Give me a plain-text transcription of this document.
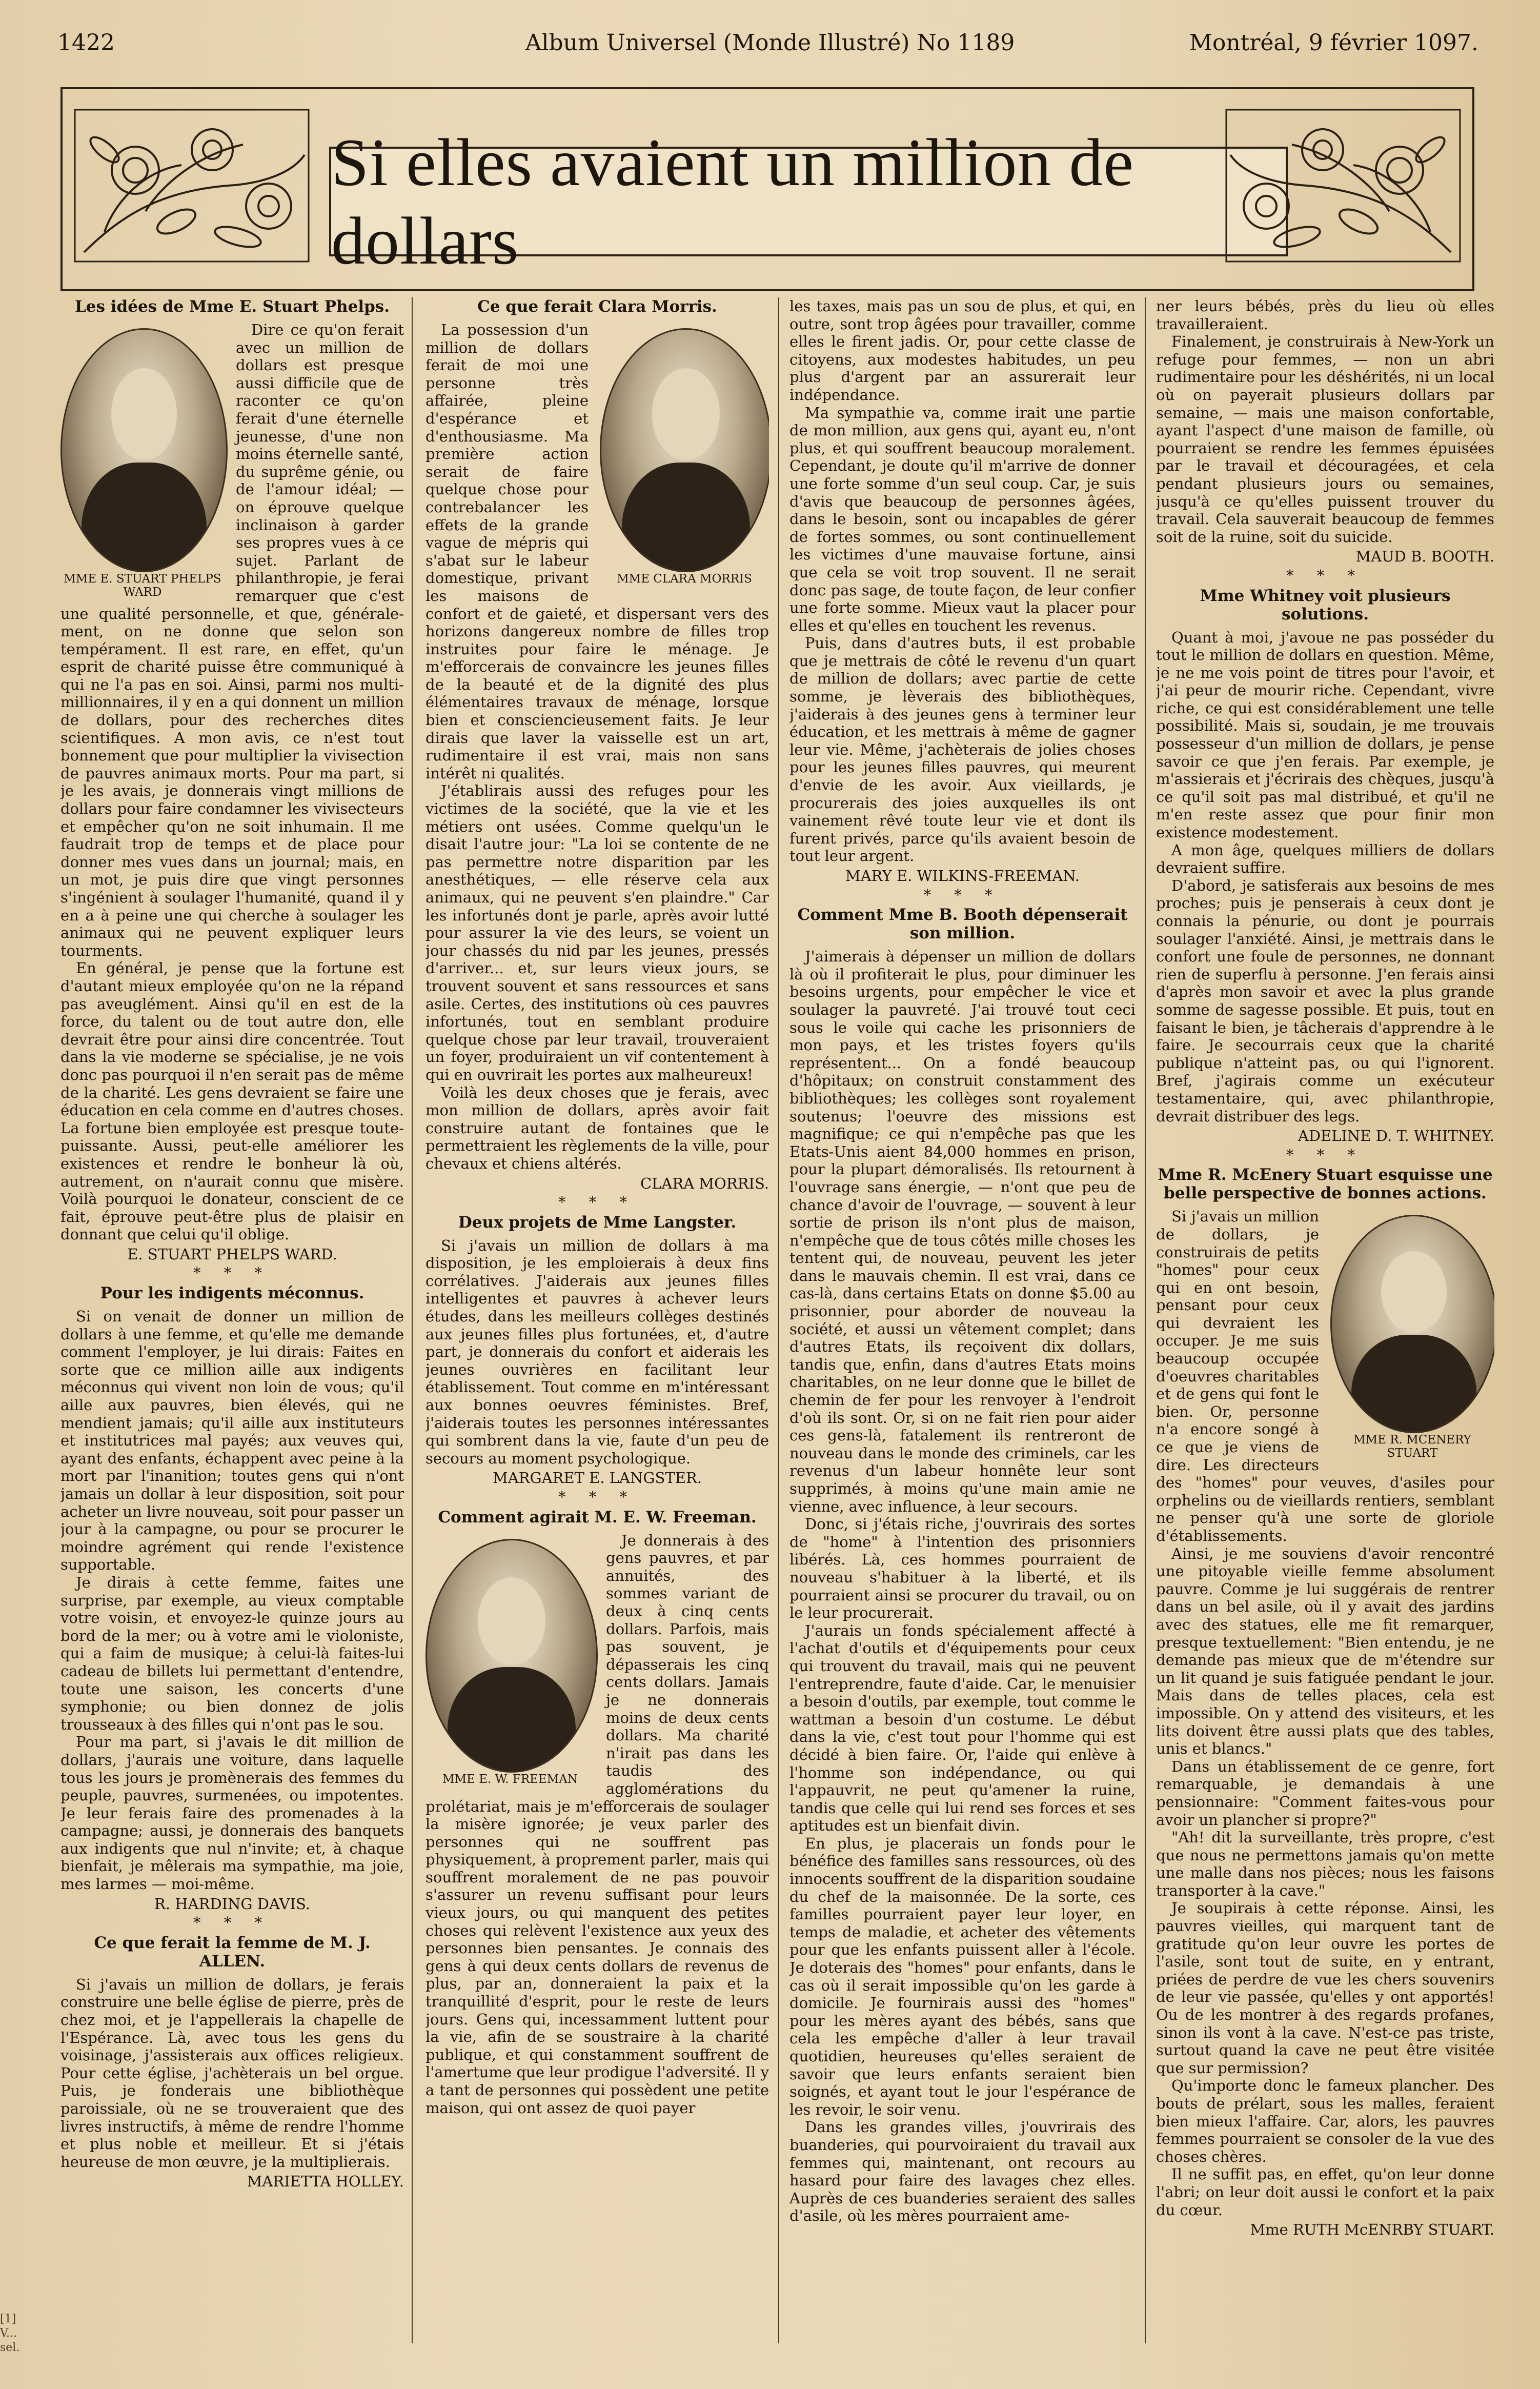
1422	Album Universel (Monde Illustré) No 1189	Montréal, 9 février 1097.
Si elles avaient un million de dollars
Les idées de Mme E. Stuart Phelps.
MME E. STUART PHELPS WARD

Dire ce qu'on ferait avec un million de dollars est presque aussi difficile que de raconter ce qu'on ferait d'une éternelle jeunesse, d'une non moins éternelle santé, du suprême génie, ou de l'amour idéal; — on éprouve quelque inclinaison à garder ses propres vues à ce sujet. Parlant de philanthropie, je ferai remarquer que c'est une qualité personnelle, et que, générale-ment, on ne donne que selon son tempérament. Il est rare, en effet, qu'un esprit de charité puisse être communiqué à qui ne l'a pas en soi. Ainsi, parmi nos multi-millionnaires, il y en a qui donnent un million de dollars, pour des recherches dites scientifiques. A mon avis, ce n'est tout bonnement que pour multiplier la vivisection de pauvres animaux morts. Pour ma part, si je les avais, je donnerais vingt millions de dollars pour faire condamner les vivisecteurs et empêcher qu'on ne soit inhumain. Il me faudrait trop de temps et de place pour donner mes vues dans un journal; mais, en un mot, je puis dire que vingt personnes s'ingénient à soulager l'humanité, quand il y en a à peine une qui cherche à soulager les animaux qui ne peuvent expliquer leurs tourments.

En général, je pense que la fortune est d'autant mieux employée qu'on ne la répand pas aveuglément. Ainsi qu'il en est de la force, du talent ou de tout autre don, elle devrait être pour ainsi dire concentrée. Tout dans la vie moderne se spécialise, je ne vois donc pas pourquoi il n'en serait pas de même de la charité. Les gens devraient se faire une éducation en cela comme en d'autres choses. La fortune bien employée est presque toute-puissante. Aussi, peut-elle améliorer les existences et rendre le bonheur là où, autrement, on n'aurait connu que misère. Voilà pourquoi le donateur, conscient de ce fait, éprouve peut-être plus de plaisir en donnant que celui qu'il oblige.

E. STUART PHELPS WARD.

* * *
Pour les indigents méconnus.

Si on venait de donner un million de dollars à une femme, et qu'elle me demande comment l'employer, je lui dirais: Faites en sorte que ce million aille aux indigents méconnus qui vivent non loin de vous; qu'il aille aux pauvres, bien élevés, qui ne mendient jamais; qu'il aille aux instituteurs et institutrices mal payés; aux veuves qui, ayant des enfants, échappent avec peine à la mort par l'inanition; toutes gens qui n'ont jamais un dollar à leur disposition, soit pour acheter un livre nouveau, soit pour passer un jour à la campagne, ou pour se procurer le moindre agrément qui rende l'existence supportable.

Je dirais à cette femme, faites une surprise, par exemple, au vieux comptable votre voisin, et envoyez-le quinze jours au bord de la mer; ou à votre ami le violoniste, qui a faim de musique; à celui-là faites-lui cadeau de billets lui permettant d'entendre, toute une saison, les concerts d'une symphonie; ou bien donnez de jolis trousseaux à des filles qui n'ont pas le sou.

Pour ma part, si j'avais le dit million de dollars, j'aurais une voiture, dans laquelle tous les jours je promènerais des femmes du peuple, pauvres, surmenées, ou impotentes. Je leur ferais faire des promenades à la campagne; aussi, je donnerais des banquets aux indigents que nul n'invite; et, à chaque bienfait, je mêlerais ma sympathie, ma joie, mes larmes — moi-même.

R. HARDING DAVIS.

* * *
Ce que ferait la femme de M. J. ALLEN.

Si j'avais un million de dollars, je ferais construire une belle église de pierre, près de chez moi, et je l'appellerais la chapelle de l'Espérance. Là, avec tous les gens du voisinage, j'assisterais aux offices religieux. Pour cette église, j'achèterais un bel orgue. Puis, je fonderais une bibliothèque paroissiale, où ne se trouveraient que des livres instructifs, à même de rendre l'homme et plus noble et meilleur. Et si j'étais heureuse de mon œuvre, je la multiplierais.

MARIETTA HOLLEY.

Ce que ferait Clara Morris.
MME CLARA MORRIS

La possession d'un million de dollars ferait de moi une personne très affairée, pleine d'espérance et d'enthousiasme. Ma première action serait de faire quelque chose pour contrebalancer les effets de la grande vague de mépris qui s'abat sur le labeur domestique, privant les maisons de confort et de gaieté, et dispersant vers des horizons dangereux nombre de filles trop instruites pour faire le ménage. Je m'efforcerais de convaincre les jeunes filles de la beauté et de la dignité des plus élémentaires travaux de ménage, lorsque bien et consciencieusement faits. Je leur dirais que laver la vaisselle est un art, rudimentaire il est vrai, mais non sans intérêt ni qualités.

J'établirais aussi des refuges pour les victimes de la société, que la vie et les métiers ont usées. Comme quelqu'un le disait l'autre jour: "La loi se contente de ne pas permettre notre disparition par les anesthétiques, — elle réserve cela aux animaux, qui ne peuvent s'en plaindre." Car les infortunés dont je parle, après avoir lutté pour assurer la vie des leurs, se voient un jour chassés du nid par les jeunes, pressés d'arriver... et, sur leurs vieux jours, se trouvent souvent et sans ressources et sans asile. Certes, des institutions où ces pauvres infortunés, tout en semblant produire quelque chose par leur travail, trouveraient un foyer, produiraient un vif contentement à qui en ouvrirait les portes aux malheureux!

Voilà les deux choses que je ferais, avec mon million de dollars, après avoir fait construire autant de fontaines que le permettraient les règlements de la ville, pour chevaux et chiens altérés.

CLARA MORRIS.

* * *
Deux projets de Mme Langster.

Si j'avais un million de dollars à ma disposition, je les emploierais à deux fins corrélatives. J'aiderais aux jeunes filles intelligentes et pauvres à achever leurs études, dans les meilleurs collèges destinés aux jeunes filles plus fortunées, et, d'autre part, je donnerais du confort et aiderais les jeunes ouvrières en facilitant leur établissement. Tout comme en m'intéressant aux bonnes oeuvres féministes. Bref, j'aiderais toutes les personnes intéressantes qui sombrent dans la vie, faute d'un peu de secours au moment psychologique.

MARGARET E. LANGSTER.

* * *
Comment agirait M. E. W. Freeman.
MME E. W. FREEMAN

Je donnerais à des gens pauvres, et par annuités, des sommes variant de deux à cinq cents dollars. Parfois, mais pas souvent, je dépasserais les cinq cents dollars. Jamais je ne donnerais moins de deux cents dollars. Ma charité n'irait pas dans les taudis des agglomérations du prolétariat, mais je m'efforcerais de soulager la misère ignorée; je veux parler des personnes qui ne souffrent pas physiquement, à proprement parler, mais qui souffrent moralement de ne pas pouvoir s'assurer un revenu suffisant pour leurs vieux jours, ou qui manquent des petites choses qui relèvent l'existence aux yeux des personnes bien pensantes. Je connais des gens à qui deux cents dollars de revenus de plus, par an, donneraient la paix et la tranquillité d'esprit, pour le reste de leurs jours. Gens qui, incessamment luttent pour la vie, afin de se soustraire à la charité publique, et qui constamment souffrent de l'amertume que leur prodigue l'adversité. Il y a tant de personnes qui possèdent une petite maison, qui ont assez de quoi payer

les taxes, mais pas un sou de plus, et qui, en outre, sont trop âgées pour travailler, comme elles le firent jadis. Or, pour cette classe de citoyens, aux modestes habitudes, un peu plus d'argent par an assurerait leur indépendance.

Ma sympathie va, comme irait une partie de mon million, aux gens qui, ayant eu, n'ont plus, et qui souffrent beaucoup moralement. Cependant, je doute qu'il m'arrive de donner une forte somme d'un seul coup. Car, je suis d'avis que beaucoup de personnes âgées, dans le besoin, sont ou incapables de gérer de fortes sommes, ou sont continuellement les victimes d'une mauvaise fortune, ainsi que cela se voit trop souvent. Il ne serait donc pas sage, de toute façon, de leur confier une forte somme. Mieux vaut la placer pour elles et qu'elles en touchent les revenus.

Puis, dans d'autres buts, il est probable que je mettrais de côté le revenu d'un quart de million de dollars; avec partie de cette somme, je lèverais des bibliothèques, j'aiderais à des jeunes gens à terminer leur éducation, et les mettrais à même de gagner leur vie. Même, j'achèterais de jolies choses pour les jeunes filles pauvres, qui meurent d'envie de les avoir. Aux vieillards, je procurerais des joies auxquelles ils ont vainement rêvé toute leur vie et dont ils furent privés, parce qu'ils avaient besoin de tout leur argent.

MARY E. WILKINS-FREEMAN.

* * *
Comment Mme B. Booth dépenserait son million.

J'aimerais à dépenser un million de dollars là où il profiterait le plus, pour diminuer les besoins urgents, pour empêcher le vice et soulager la pauvreté. J'ai trouvé tout ceci sous le voile qui cache les prisonniers de mon pays, et les tristes foyers qu'ils représentent... On a fondé beaucoup d'hôpitaux; on construit constamment des bibliothèques; les collèges sont royalement soutenus; l'oeuvre des missions est magnifique; ce qui n'empêche pas que les Etats-Unis aient 84,000 hommes en prison, pour la plupart démoralisés. Ils retournent à l'ouvrage sans énergie, — n'ont que peu de chance d'avoir de l'ouvrage, — souvent à leur sortie de prison ils n'ont plus de maison, n'empêche que de tous côtés mille choses les tentent qui, de nouveau, peuvent les jeter dans le mauvais chemin. Il est vrai, dans ce cas-là, dans certains Etats on donne $5.00 au prisonnier, pour aborder de nouveau la société, et aussi un vêtement complet; dans d'autres Etats, ils reçoivent dix dollars, tandis que, enfin, dans d'autres Etats moins charitables, on ne leur donne que le billet de chemin de fer pour les renvoyer à l'endroit d'où ils sont. Or, si on ne fait rien pour aider ces gens-là, fatalement ils rentreront de nouveau dans le monde des criminels, car les revenus d'un labeur honnête leur sont supprimés, à moins qu'une main amie ne vienne, avec influence, à leur secours.

Donc, si j'étais riche, j'ouvrirais des sortes de "home" à l'intention des prisonniers libérés. Là, ces hommes pourraient de nouveau s'habituer à la liberté, et ils pourraient ainsi se procurer du travail, ou on le leur procurerait.

J'aurais un fonds spécialement affecté à l'achat d'outils et d'équipements pour ceux qui trouvent du travail, mais qui ne peuvent l'entreprendre, faute d'aide. Car, le menuisier a besoin d'outils, par exemple, tout comme le wattman a besoin d'un costume. Le début dans la vie, c'est tout pour l'homme qui est décidé à bien faire. Or, l'aide qui enlève à l'homme son indépendance, ou qui l'appauvrit, ne peut qu'amener la ruine, tandis que celle qui lui rend ses forces et ses aptitudes est un bienfait divin.

En plus, je placerais un fonds pour le bénéfice des familles sans ressources, où des innocents souffrent de la disparition soudaine du chef de la maisonnée. De la sorte, ces familles pourraient payer leur loyer, en temps de maladie, et acheter des vêtements pour que les enfants puissent aller à l'école. Je doterais des "homes" pour enfants, dans le cas où il serait impossible qu'on les garde à domicile. Je fournirais aussi des "homes" pour les mères ayant des bébés, sans que cela les empêche d'aller à leur travail quotidien, heureuses qu'elles seraient de savoir que leurs enfants seraient bien soignés, et ayant tout le jour l'espérance de les revoir, le soir venu.

Dans les grandes villes, j'ouvrirais des buanderies, qui pourvoiraient du travail aux femmes qui, maintenant, ont recours au hasard pour faire des lavages chez elles. Auprès de ces buanderies seraient des salles d'asile, où les mères pourraient ame-

ner leurs bébés, près du lieu où elles travailleraient.

Finalement, je construirais à New-York un refuge pour femmes, — non un abri rudimentaire pour les déshérités, ni un local où on payerait plusieurs dollars par semaine, — mais une maison confortable, ayant l'aspect d'une maison de famille, où pourraient se rendre les femmes épuisées par le travail et découragées, et cela pendant plusieurs jours ou semaines, jusqu'à ce qu'elles puissent trouver du travail. Cela sauverait beaucoup de femmes soit de la ruine, soit du suicide.

MAUD B. BOOTH.

* * *
Mme Whitney voit plusieurs solutions.

Quant à moi, j'avoue ne pas posséder du tout le million de dollars en question. Même, je ne me vois point de titres pour l'avoir, et j'ai peur de mourir riche. Cependant, vivre riche, ce qui est considérablement une telle possibilité. Mais si, soudain, je me trouvais possesseur d'un million de dollars, je pense savoir ce que j'en ferais. Par exemple, je m'assierais et j'écrirais des chèques, jusqu'à ce qu'il soit pas mal distribué, et qu'il ne m'en reste assez que pour finir mon existence modestement.

A mon âge, quelques milliers de dollars devraient suffire.

D'abord, je satisferais aux besoins de mes proches; puis je penserais à ceux dont je connais la pénurie, ou dont je pourrais soulager l'anxiété. Ainsi, je mettrais dans le confort une foule de personnes, ne donnant rien de superflu à personne. J'en ferais ainsi d'après mon savoir et avec la plus grande somme de sagesse possible. Et puis, tout en faisant le bien, je tâcherais d'apprendre à le faire. Je secourrais ceux que la charité publique n'atteint pas, ou qui l'ignorent. Bref, j'agirais comme un exécuteur testamentaire, qui, avec philanthropie, devrait distribuer des legs.

ADELINE D. T. WHITNEY.

* * *
Mme R. McEnery Stuart esquisse une belle perspective de bonnes actions.
MME R. MCENERY STUART

Si j'avais un million de dollars, je construirais de petits "homes" pour ceux qui en ont besoin, pensant pour ceux qui devraient les occuper. Je me suis beaucoup occupée d'oeuvres charitables et de gens qui font le bien. Or, personne n'a encore songé à ce que je viens de dire. Les directeurs des "homes" pour veuves, d'asiles pour orphelins ou de vieillards rentiers, semblant ne penser qu'à une sorte de gloriole d'établissements.

Ainsi, je me souviens d'avoir rencontré une pitoyable vieille femme absolument pauvre. Comme je lui suggérais de rentrer dans un bel asile, où il y avait des jardins avec des statues, elle me fit remarquer, presque textuellement: "Bien entendu, je ne demande pas mieux que de m'étendre sur un lit quand je suis fatiguée pendant le jour. Mais dans de telles places, cela est impossible. On y attend des visiteurs, et les lits doivent être aussi plats que des tables, unis et blancs."

Dans un établissement de ce genre, fort remarquable, je demandais à une pensionnaire: "Comment faites-vous pour avoir un plancher si propre?"

"Ah! dit la surveillante, très propre, c'est que nous ne permettons jamais qu'on mette une malle dans nos pièces; nous les faisons transporter à la cave."

Je soupirais à cette réponse. Ainsi, les pauvres vieilles, qui marquent tant de gratitude qu'on leur ouvre les portes de l'asile, sont tout de suite, en y entrant, priées de perdre de vue les chers souvenirs de leur vie passée, qu'elles y ont apportés! Ou de les montrer à des regards profanes, sinon ils vont à la cave. N'est-ce pas triste, surtout quand la cave ne peut être visitée que sur permission?

Qu'importe donc le fameux plancher. Des bouts de prélart, sous les malles, feraient bien mieux l'affaire. Car, alors, les pauvres femmes pourraient se consoler de la vue des choses chères.

Il ne suffit pas, en effet, qu'on leur donne l'abri; on leur doit aussi le confort et la paix du cœur.

Mme RUTH McENRBY STUART.

[1] V... sel.
